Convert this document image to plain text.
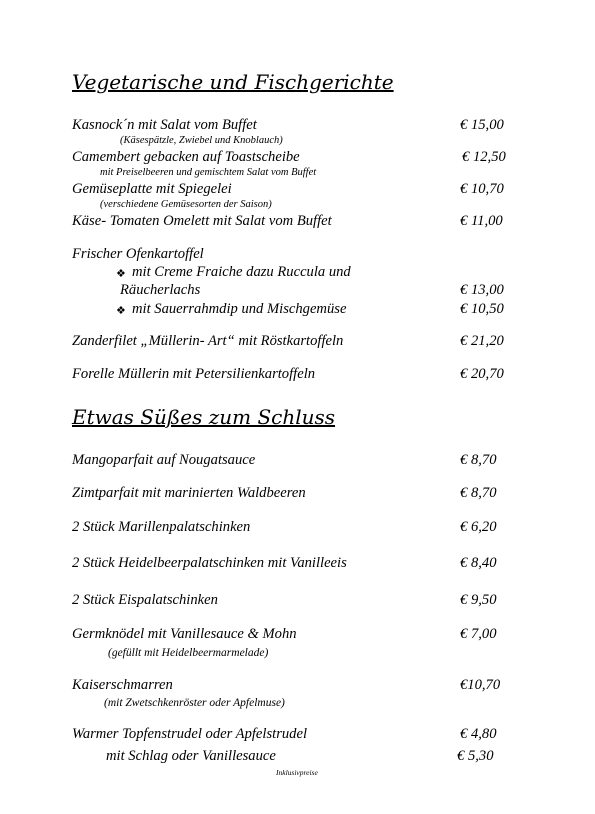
Vegetarische und Fischgerichte
Kasnock´n mit Salat vom Buffet	€ 15,00
(Käsespätzle, Zwiebel und Knoblauch)
Camembert gebacken auf Toastscheibe	€ 12,50
mit Preiselbeeren und gemischtem Salat vom Buffet
Gemüseplatte mit Spiegelei	€ 10,70
(verschiedene Gemüsesorten der Saison)
Käse- Tomaten Omelett mit Salat vom Buffet	€ 11,00
Frischer Ofenkartoffel
❖ mit Creme Fraiche dazu Ruccula und
Räucherlachs	€ 13,00
❖ mit Sauerrahmdip und Mischgemüse	€ 10,50
Zanderfilet „Müllerin- Art“ mit Röstkartoffeln	€ 21,20
Forelle Müllerin mit Petersilienkartoffeln	€ 20,70
Etwas Süßes zum Schluss
Mangoparfait auf Nougatsauce	€ 8,70
Zimtparfait mit marinierten Waldbeeren	€ 8,70
2 Stück Marillenpalatschinken	€ 6,20
2 Stück Heidelbeerpalatschinken mit Vanilleeis	€ 8,40
2 Stück Eispalatschinken	€ 9,50
Germknödel mit Vanillesauce & Mohn	€ 7,00
(gefüllt mit Heidelbeermarmelade)
Kaiserschmarren	€10,70
(mit Zwetschkenröster oder Apfelmuse)
Warmer Topfenstrudel oder Apfelstrudel	€ 4,80
mit Schlag oder Vanillesauce	€ 5,30
Inklusivpreise
